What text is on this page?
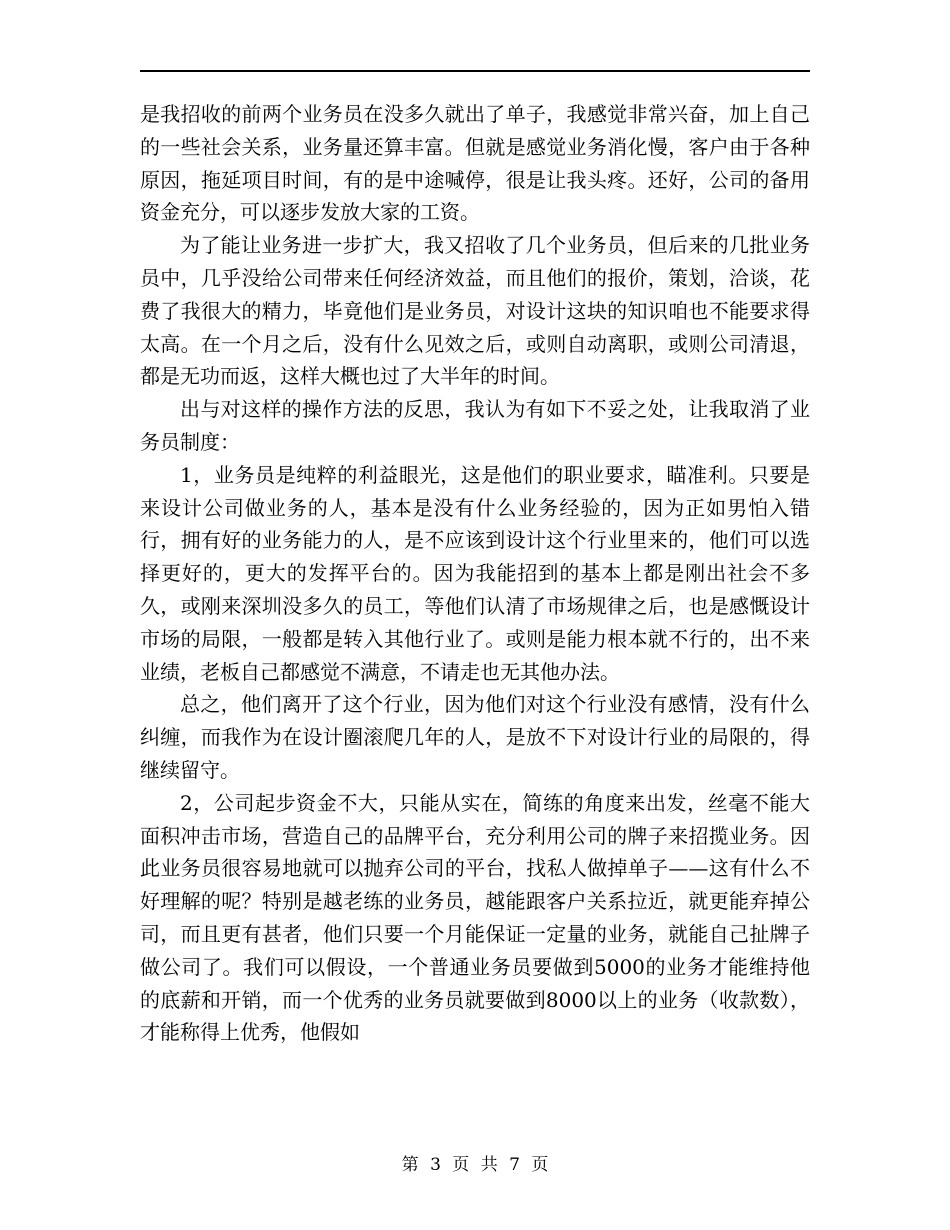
是我招收的前两个业务员在没多久就出了单子，我感觉非常兴奋，加上自己的一些社会关系，业务量还算丰富。但就是感觉业务消化慢，客户由于各种原因，拖延项目时间，有的是中途喊停，很是让我头疼。还好，公司的备用资金充分，可以逐步发放大家的工资。

为了能让业务进一步扩大，我又招收了几个业务员，但后来的几批业务员中，几乎没给公司带来任何经济效益，而且他们的报价，策划，洽谈，花费了我很大的精力，毕竟他们是业务员，对设计这块的知识咱也不能要求得太高。在一个月之后，没有什么见效之后，或则自动离职，或则公司清退，都是无功而返，这样大概也过了大半年的时间。

出与对这样的操作方法的反思，我认为有如下不妥之处，让我取消了业务员制度：

1，业务员是纯粹的利益眼光，这是他们的职业要求，瞄准利。只要是来设计公司做业务的人，基本是没有什么业务经验的，因为正如男怕入错行，拥有好的业务能力的人，是不应该到设计这个行业里来的，他们可以选择更好的，更大的发挥平台的。因为我能招到的基本上都是刚出社会不多久，或刚来深圳没多久的员工，等他们认清了市场规律之后，也是感慨设计市场的局限，一般都是转入其他行业了。或则是能力根本就不行的，出不来业绩，老板自己都感觉不满意，不请走也无其他办法。

总之，他们离开了这个行业，因为他们对这个行业没有感情，没有什么纠缠，而我作为在设计圈滚爬几年的人，是放不下对设计行业的局限的，得继续留守。

2，公司起步资金不大，只能从实在，简练的角度来出发，丝毫不能大面积冲击市场，营造自己的品牌平台，充分利用公司的牌子来招揽业务。因此业务员很容易地就可以抛弃公司的平台，找私人做掉单子——这有什么不好理解的呢？特别是越老练的业务员，越能跟客户关系拉近，就更能弃掉公司，而且更有甚者，他们只要一个月能保证一定量的业务，就能自己扯牌子做公司了。我们可以假设，一个普通业务员要做到5000的业务才能维持他的底薪和开销，而一个优秀的业务员就要做到8000以上的业务（收款数），才能称得上优秀，他假如

第 3 页 共 7 页
